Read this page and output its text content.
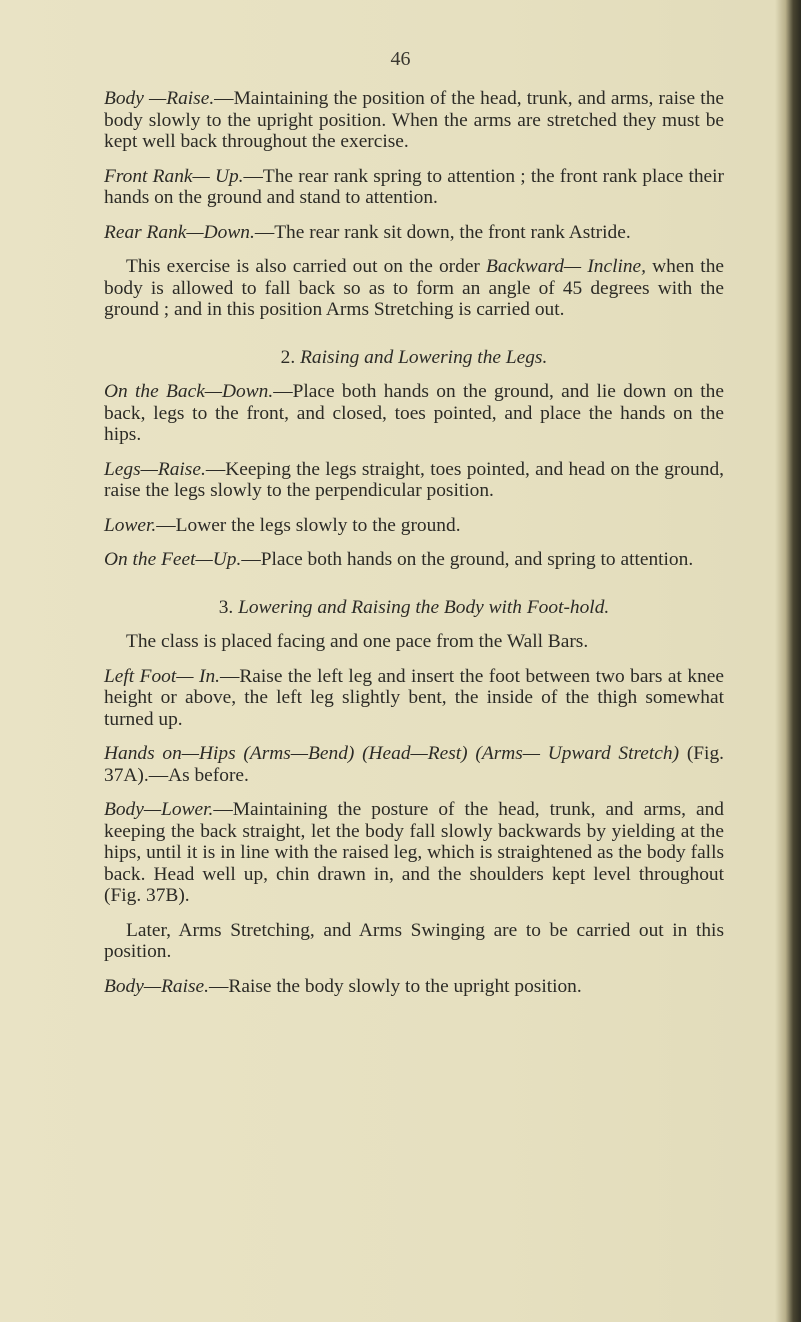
46

Body —Raise.—Maintaining the position of the head, trunk, and arms, raise the body slowly to the upright position. When the arms are stretched they must be kept well back throughout the exercise.

Front Rank— Up.—The rear rank spring to attention ; the front rank place their hands on the ground and stand to attention.

Rear Rank—Down.—The rear rank sit down, the front rank Astride.

This exercise is also carried out on the order Backward— Incline, when the body is allowed to fall back so as to form an angle of 45 degrees with the ground ; and in this position Arms Stretching is carried out.

2. Raising and Lowering the Legs.

On the Back—Down.—Place both hands on the ground, and lie down on the back, legs to the front, and closed, toes pointed, and place the hands on the hips.

Legs—Raise.—Keeping the legs straight, toes pointed, and head on the ground, raise the legs slowly to the perpendicular position.

Lower.—Lower the legs slowly to the ground.

On the Feet—Up.—Place both hands on the ground, and spring to attention.

3. Lowering and Raising the Body with Foot-hold.

The class is placed facing and one pace from the Wall Bars.

Left Foot— In.—Raise the left leg and insert the foot between two bars at knee height or above, the left leg slightly bent, the inside of the thigh somewhat turned up.

Hands on—Hips (Arms—Bend) (Head—Rest) (Arms— Upward Stretch) (Fig. 37A).—As before.

Body—Lower.—Maintaining the posture of the head, trunk, and arms, and keeping the back straight, let the body fall slowly backwards by yielding at the hips, until it is in line with the raised leg, which is straightened as the body falls back. Head well up, chin drawn in, and the shoulders kept level throughout (Fig. 37B).

Later, Arms Stretching, and Arms Swinging are to be carried out in this position.

Body—Raise.—Raise the body slowly to the upright position.
